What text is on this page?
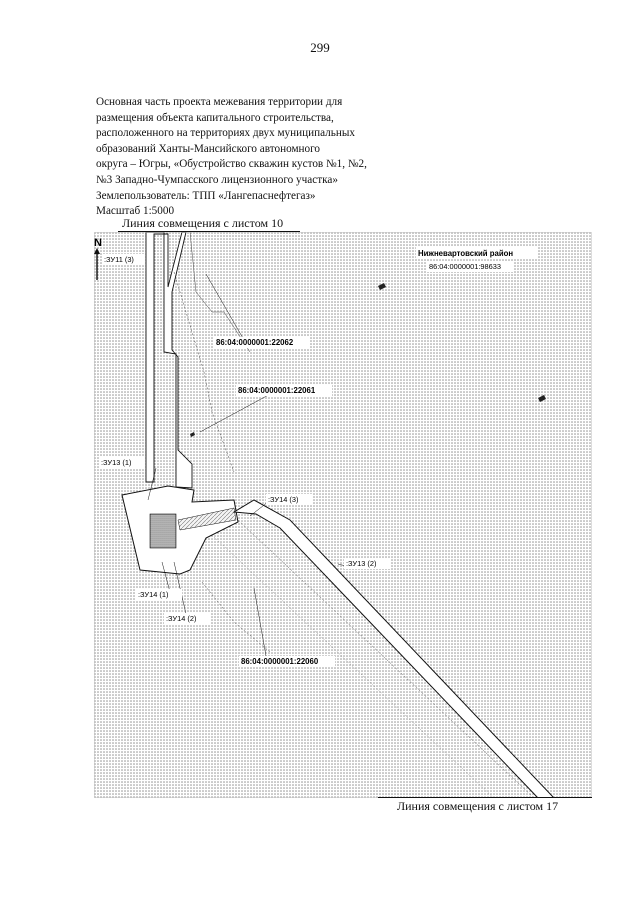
299
Основная часть проекта межевания территории для
размещения объекта капитального строительства,
расположенного на территориях двух муниципальных
образований Ханты-Мансийского автономного
округа – Югры, «Обустройство скважин кустов №1, №2,
№3 Западно-Чумпасского лицензионного участка»
Землепользователь: ТПП «Лангепаснефтегаз»
Масштаб 1:5000
Линия совмещения с листом 10
Нижневартовский район
86:04:0000001:98633
:ЗУ11 (3)
86:04:0000001:22062
86:04:0000001:22061
:ЗУ13 (1)
:ЗУ14 (3)
:ЗУ13 (2)
:ЗУ14 (1)
:ЗУ14 (2)
86:04:0000001:22060
N
Линия совмещения с листом 17
